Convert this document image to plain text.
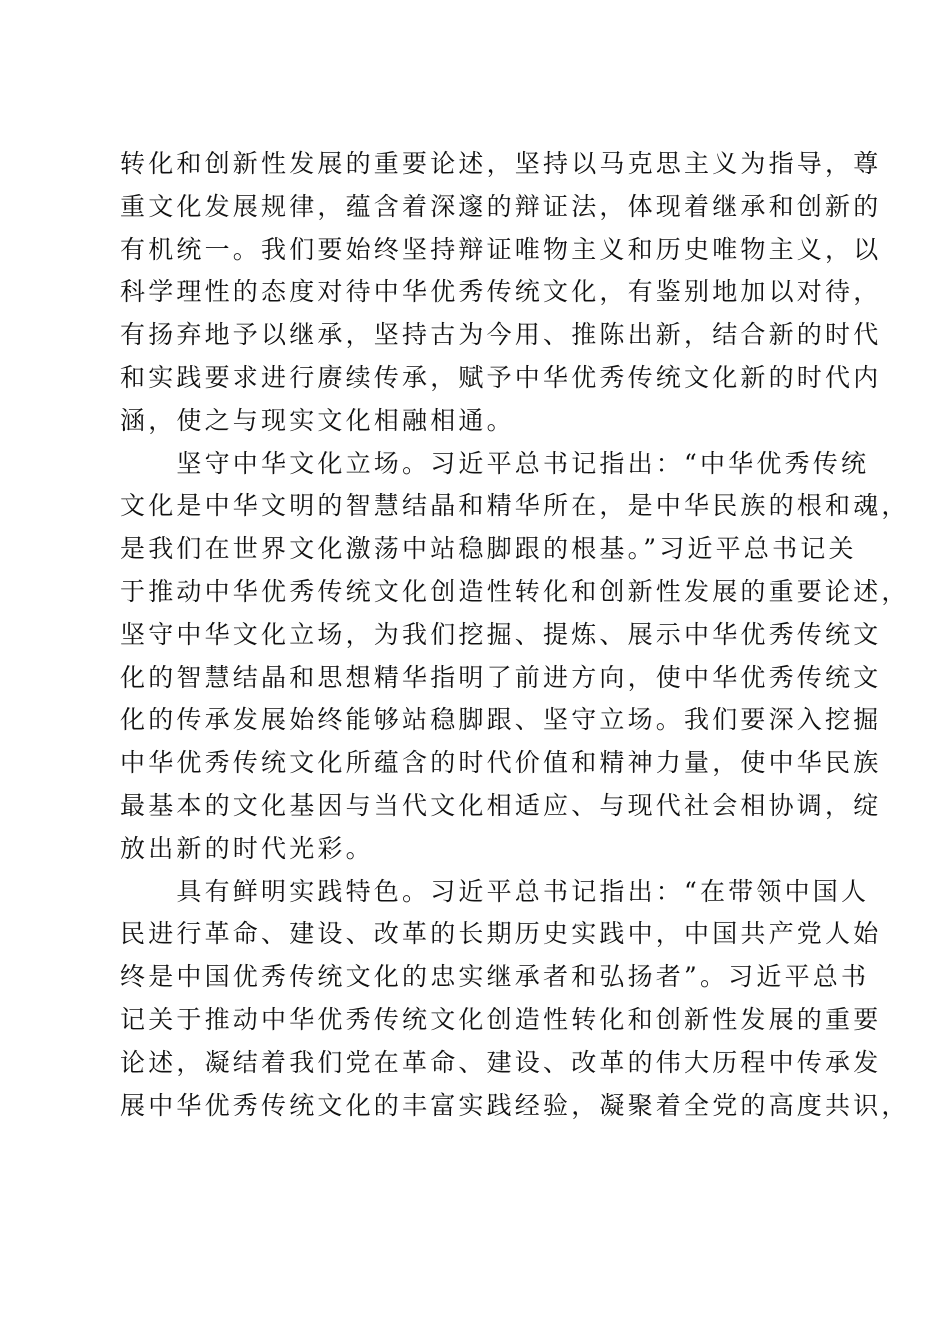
转化和创新性发展的重要论述，坚持以马克思主义为指导，尊
重文化发展规律，蕴含着深邃的辩证法，体现着继承和创新的
有机统一。我们要始终坚持辩证唯物主义和历史唯物主义，以
科学理性的态度对待中华优秀传统文化，有鉴别地加以对待，
有扬弃地予以继承，坚持古为今用、推陈出新，结合新的时代
和实践要求进行赓续传承，赋予中华优秀传统文化新的时代内
涵，使之与现实文化相融相通。
　　坚守中华文化立场。习近平总书记指出：“中华优秀传统
文化是中华文明的智慧结晶和精华所在，是中华民族的根和魂，
是我们在世界文化激荡中站稳脚跟的根基。”习近平总书记关
于推动中华优秀传统文化创造性转化和创新性发展的重要论述，
坚守中华文化立场，为我们挖掘、提炼、展示中华优秀传统文
化的智慧结晶和思想精华指明了前进方向，使中华优秀传统文
化的传承发展始终能够站稳脚跟、坚守立场。我们要深入挖掘
中华优秀传统文化所蕴含的时代价值和精神力量，使中华民族
最基本的文化基因与当代文化相适应、与现代社会相协调，绽
放出新的时代光彩。
　　具有鲜明实践特色。习近平总书记指出：“在带领中国人
民进行革命、建设、改革的长期历史实践中，中国共产党人始
终是中国优秀传统文化的忠实继承者和弘扬者”。习近平总书
记关于推动中华优秀传统文化创造性转化和创新性发展的重要
论述，凝结着我们党在革命、建设、改革的伟大历程中传承发
展中华优秀传统文化的丰富实践经验，凝聚着全党的高度共识，
